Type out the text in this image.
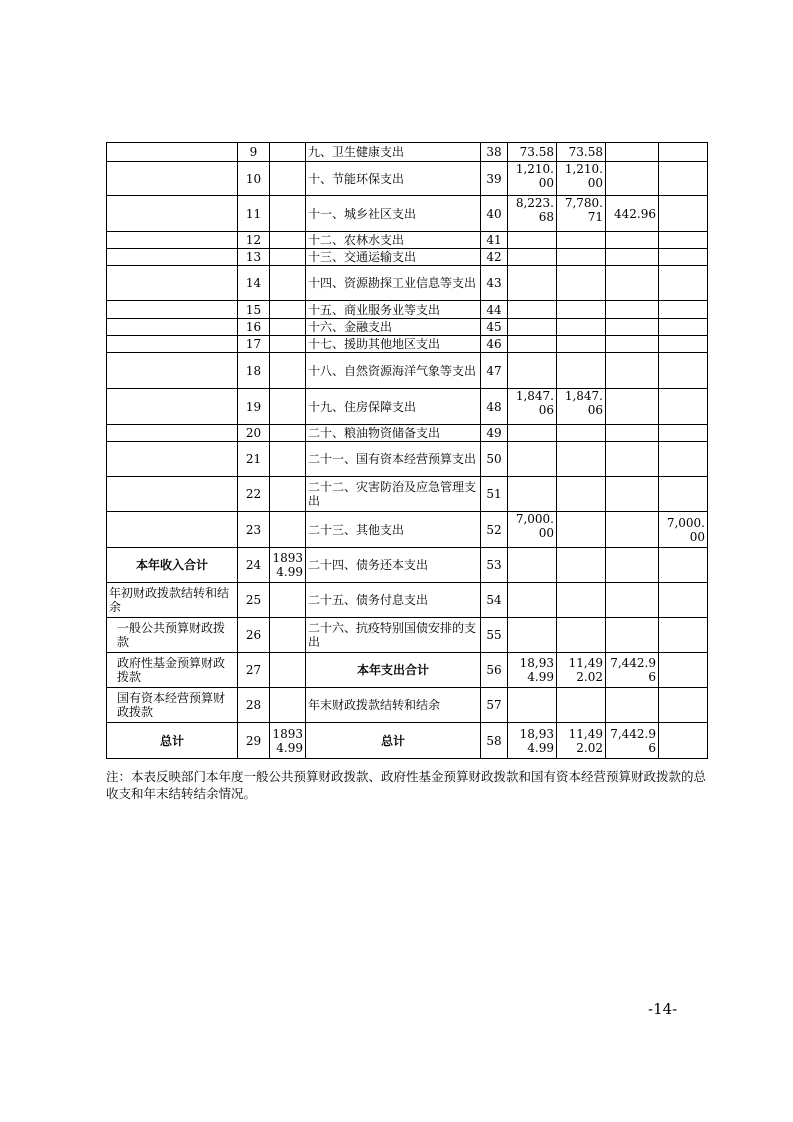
	9		九、卫生健康支出	38	73.58	73.58		
	10		十、节能环保支出	39	1,210.00	1,210.00		
	11		十一、城乡社区支出	40	8,223.68	7,780.71	442.96	
	12		十二、农林水支出	41				
	13		十三、交通运输支出	42				
	14		十四、资源勘探工业信息等支出	43				
	15		十五、商业服务业等支出	44				
	16		十六、金融支出	45				
	17		十七、援助其他地区支出	46				
	18		十八、自然资源海洋气象等支出	47				
	19		十九、住房保障支出	48	1,847.06	1,847.06		
	20		二十、粮油物资储备支出	49				
	21		二十一、国有资本经营预算支出	50				
	22		二十二、灾害防治及应急管理支出	51				
	23		二十三、其他支出	52	7,000.00			7,000.00
本年收入合计	24	18934.99	二十四、债务还本支出	53				
年初财政拨款结转和结余	25		二十五、债务付息支出	54				
一般公共预算财政拨款	26		二十六、抗疫特别国债安排的支出	55				
政府性基金预算财政拨款	27		本年支出合计	56	18,934.99	11,492.02	7,442.96	
国有资本经营预算财政拨款	28		年末财政拨款结转和结余	57				
总计	29	18934.99	总计	58	18,934.99	11,492.02	7,442.96	
注：本表反映部门本年度一般公共预算财政拨款、政府性基金预算财政拨款和国有资本经营预算财政拨款的总收支和年末结转结余情况。
-14-
